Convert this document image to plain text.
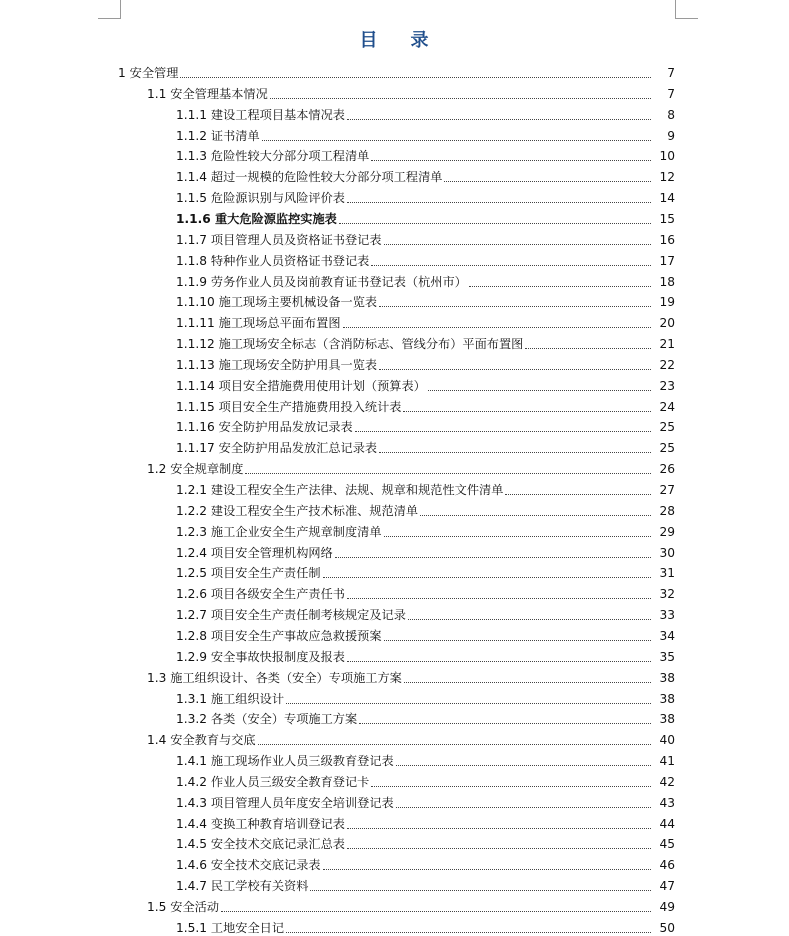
目 录
1 安全管理	7
1.1 安全管理基本情况	7
1.1.1 建设工程项目基本情况表	8
1.1.2 证书清单	9
1.1.3 危险性较大分部分项工程清单	10
1.1.4 超过一规模的危险性较大分部分项工程清单	12
1.1.5 危险源识别与风险评价表	14
1.1.6 重大危险源监控实施表	15
1.1.7 项目管理人员及资格证书登记表	16
1.1.8 特种作业人员资格证书登记表	17
1.1.9 劳务作业人员及岗前教育证书登记表（杭州市）	18
1.1.10 施工现场主要机械设备一览表	19
1.1.11 施工现场总平面布置图	20
1.1.12 施工现场安全标志（含消防标志、管线分布）平面布置图	21
1.1.13 施工现场安全防护用具一览表	22
1.1.14 项目安全措施费用使用计划（预算表）	23
1.1.15 项目安全生产措施费用投入统计表	24
1.1.16 安全防护用品发放记录表	25
1.1.17 安全防护用品发放汇总记录表	25
1.2 安全规章制度	26
1.2.1 建设工程安全生产法律、法规、规章和规范性文件清单	27
1.2.2 建设工程安全生产技术标准、规范清单	28
1.2.3 施工企业安全生产规章制度清单	29
1.2.4 项目安全管理机构网络	30
1.2.5 项目安全生产责任制	31
1.2.6 项目各级安全生产责任书	32
1.2.7 项目安全生产责任制考核规定及记录	33
1.2.8 项目安全生产事故应急救援预案	34
1.2.9 安全事故快报制度及报表	35
1.3 施工组织设计、各类（安全）专项施工方案	38
1.3.1 施工组织设计	38
1.3.2 各类（安全）专项施工方案	38
1.4 安全教育与交底	40
1.4.1 施工现场作业人员三级教育登记表	41
1.4.2 作业人员三级安全教育登记卡	42
1.4.3 项目管理人员年度安全培训登记表	43
1.4.4 变换工种教育培训登记表	44
1.4.5 安全技术交底记录汇总表	45
1.4.6 安全技术交底记录表	46
1.4.7 民工学校有关资料	47
1.5 安全活动	49
1.5.1 工地安全日记	50
